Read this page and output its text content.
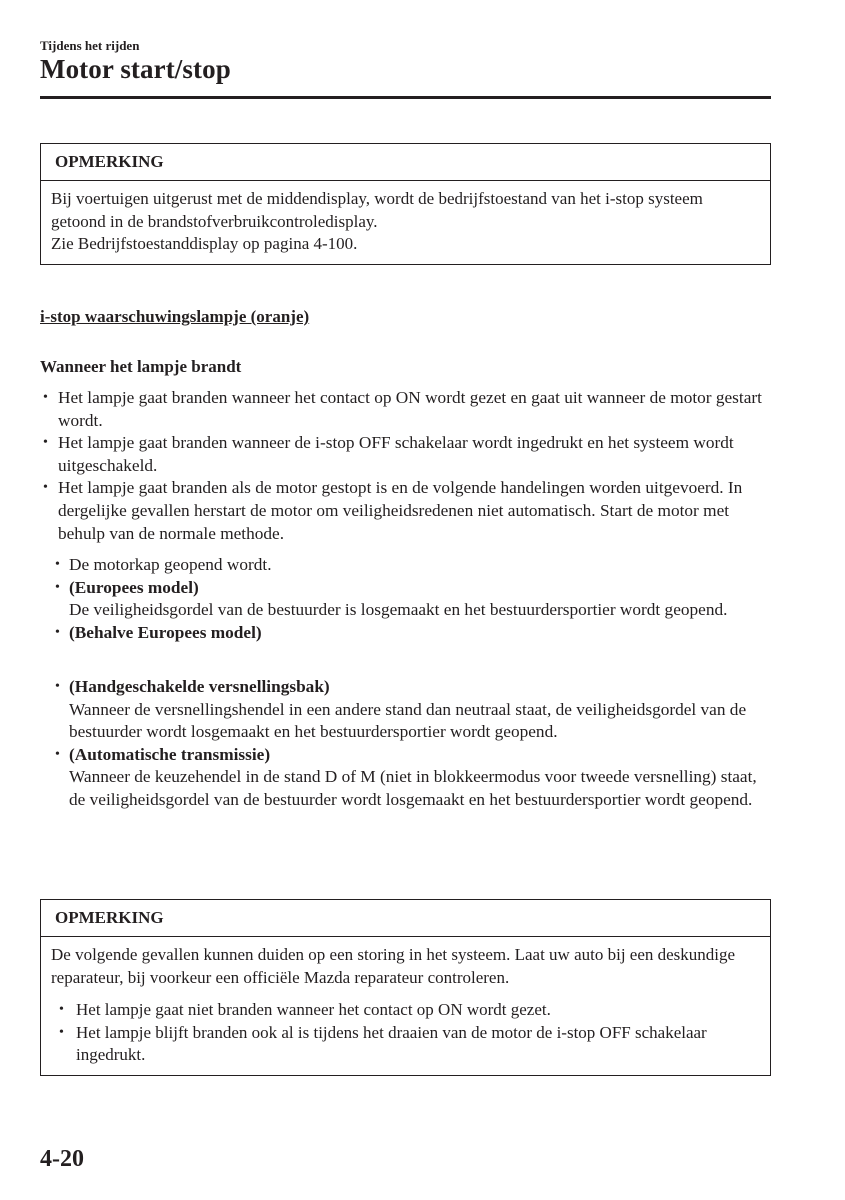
Tijdens het rijden
Motor start/stop
OPMERKING

Bij voertuigen uitgerust met de middendisplay, wordt de bedrijfstoestand van het i-stop systeem getoond in de brandstofverbruikcontroledisplay.

Zie Bedrijfstoestanddisplay op pagina 4-100.

i-stop waarschuwingslampje (oranje)
Wanneer het lampje brandt
• Het lampje gaat branden wanneer het contact op ON wordt gezet en gaat uit wanneer de motor gestart wordt.
• Het lampje gaat branden wanneer de i-stop OFF schakelaar wordt ingedrukt en het systeem wordt uitgeschakeld.
• Het lampje gaat branden als de motor gestopt is en de volgende handelingen worden uitgevoerd. In dergelijke gevallen herstart de motor om veiligheidsredenen niet automatisch. Start de motor met behulp van de normale methode.
• De motorkap geopend wordt.
• (Europees model)
De veiligheidsgordel van de bestuurder is losgemaakt en het bestuurdersportier wordt geopend.
• (Behalve Europees model)
• (Handgeschakelde versnellingsbak)
Wanneer de versnellingshendel in een andere stand dan neutraal staat, de veiligheidsgordel van de bestuurder wordt losgemaakt en het bestuurdersportier wordt geopend.
• (Automatische transmissie)
Wanneer de keuzehendel in de stand D of M (niet in blokkeermodus voor tweede versnelling) staat, de veiligheidsgordel van de bestuurder wordt losgemaakt en het bestuurdersportier wordt geopend.
OPMERKING

De volgende gevallen kunnen duiden op een storing in het systeem. Laat uw auto bij een deskundige reparateur, bij voorkeur een officiële Mazda reparateur controleren.

• Het lampje gaat niet branden wanneer het contact op ON wordt gezet.
• Het lampje blijft branden ook al is tijdens het draaien van de motor de i-stop OFF schakelaar ingedrukt.
4-20
